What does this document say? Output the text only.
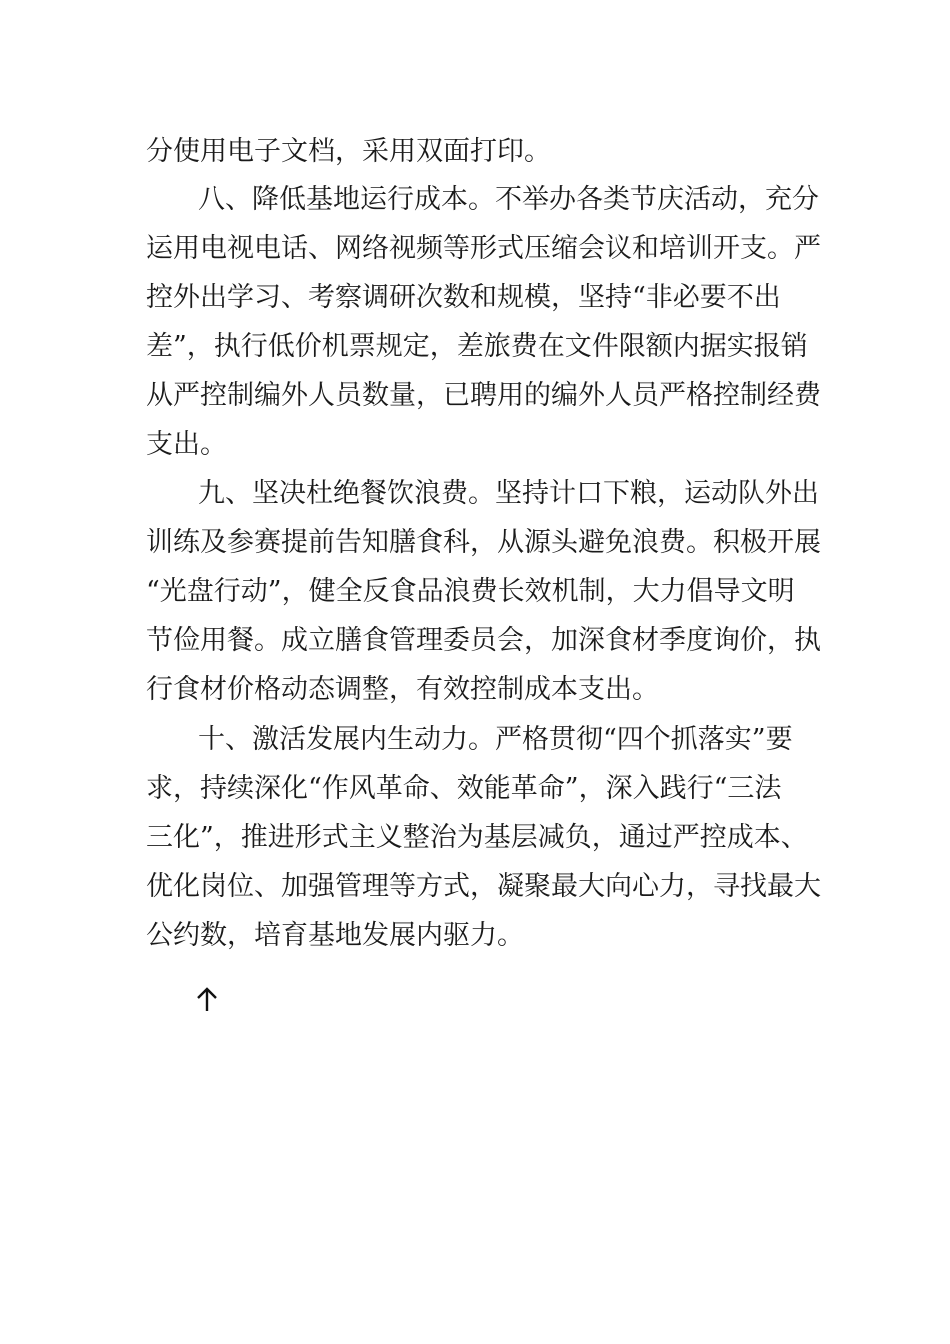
分使用电子文档，采用双面打印。
八、降低基地运行成本。不举办各类节庆活动，充分
运用电视电话、网络视频等形式压缩会议和培训开支。严
控外出学习、考察调研次数和规模，坚持“非必要不出
差”，执行低价机票规定，差旅费在文件限额内据实报销
从严控制编外人员数量，已聘用的编外人员严格控制经费
支出。
九、坚决杜绝餐饮浪费。坚持计口下粮，运动队外出
训练及参赛提前告知膳食科，从源头避免浪费。积极开展
“光盘行动”，健全反食品浪费长效机制，大力倡导文明
节俭用餐。成立膳食管理委员会，加深食材季度询价，执
行食材价格动态调整，有效控制成本支出。
十、激活发展内生动力。严格贯彻“四个抓落实”要
求，持续深化“作风革命、效能革命”，深入践行“三法
三化”，推进形式主义整治为基层减负，通过严控成本、
优化岗位、加强管理等方式，凝聚最大向心力，寻找最大
公约数，培育基地发展内驱力。
